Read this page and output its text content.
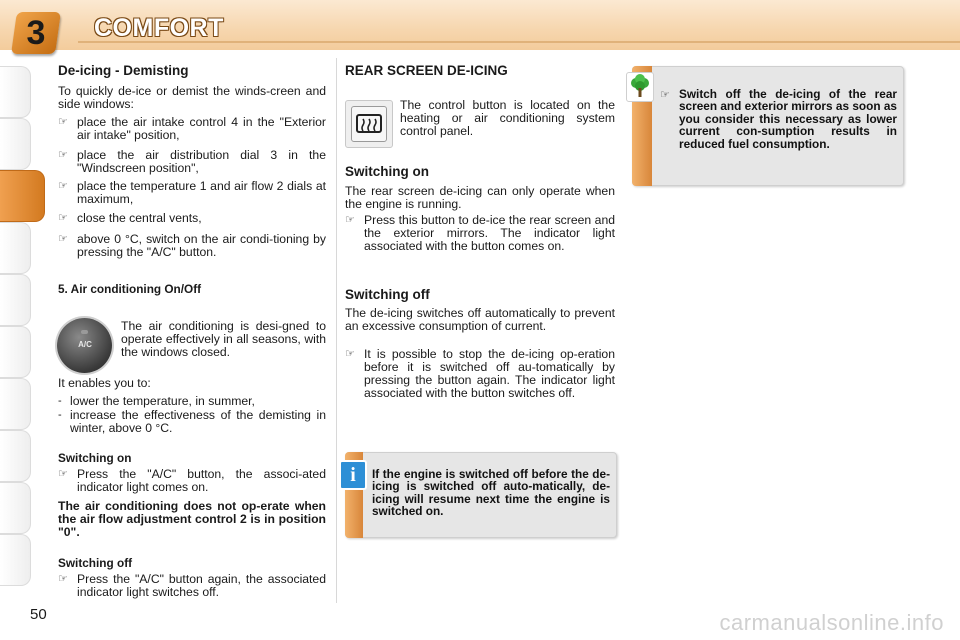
3	COMFORT
De-icing - Demisting

To quickly de-ice or demist the winds-creen and side windows:

☞ place the air intake control 4 in the "Exterior air intake" position,
☞ place the air distribution dial 3 in the "Windscreen position",
☞ place the temperature 1 and air flow 2 dials at maximum,
☞ close the central vents,
☞ above 0 °C, switch on the air condi-tioning by pressing the "A/C" button.
5. Air conditioning On/Off
A/C

The air conditioning is desi-gned to operate effectively in all seasons, with the windows closed.

It enables you to:

- lower the temperature, in summer,
- increase the effectiveness of the demisting in winter, above 0 °C.
Switching on
☞ Press the "A/C" button, the associ-ated indicator light comes on.

The air conditioning does not op-erate when the air flow adjustment control 2 is in position "0".

Switching off
☞ Press the "A/C" button again, the associated indicator light switches off.
REAR SCREEN DE-ICING

The control button is located on the heating or air conditioning system control panel.

Switching on

The rear screen de-icing can only operate when the engine is running.

☞ Press this button to de-ice the rear screen and the exterior mirrors. The indicator light associated with the button comes on.
Switching off

The de-icing switches off automatically to prevent an excessive consumption of current.

☞ It is possible to stop the de-icing op-eration before it is switched off au-tomatically by pressing the button again. The indicator light associated with the button switches off.
i	If the engine is switched off before the de-icing is switched off auto-matically, de-icing will resume next time the engine is switched on.
☞ Switch off the de-icing of the rear screen and exterior mirrors as soon as you consider this necessary as lower current con-sumption results in reduced fuel consumption.
50	carmanualsonline.info
